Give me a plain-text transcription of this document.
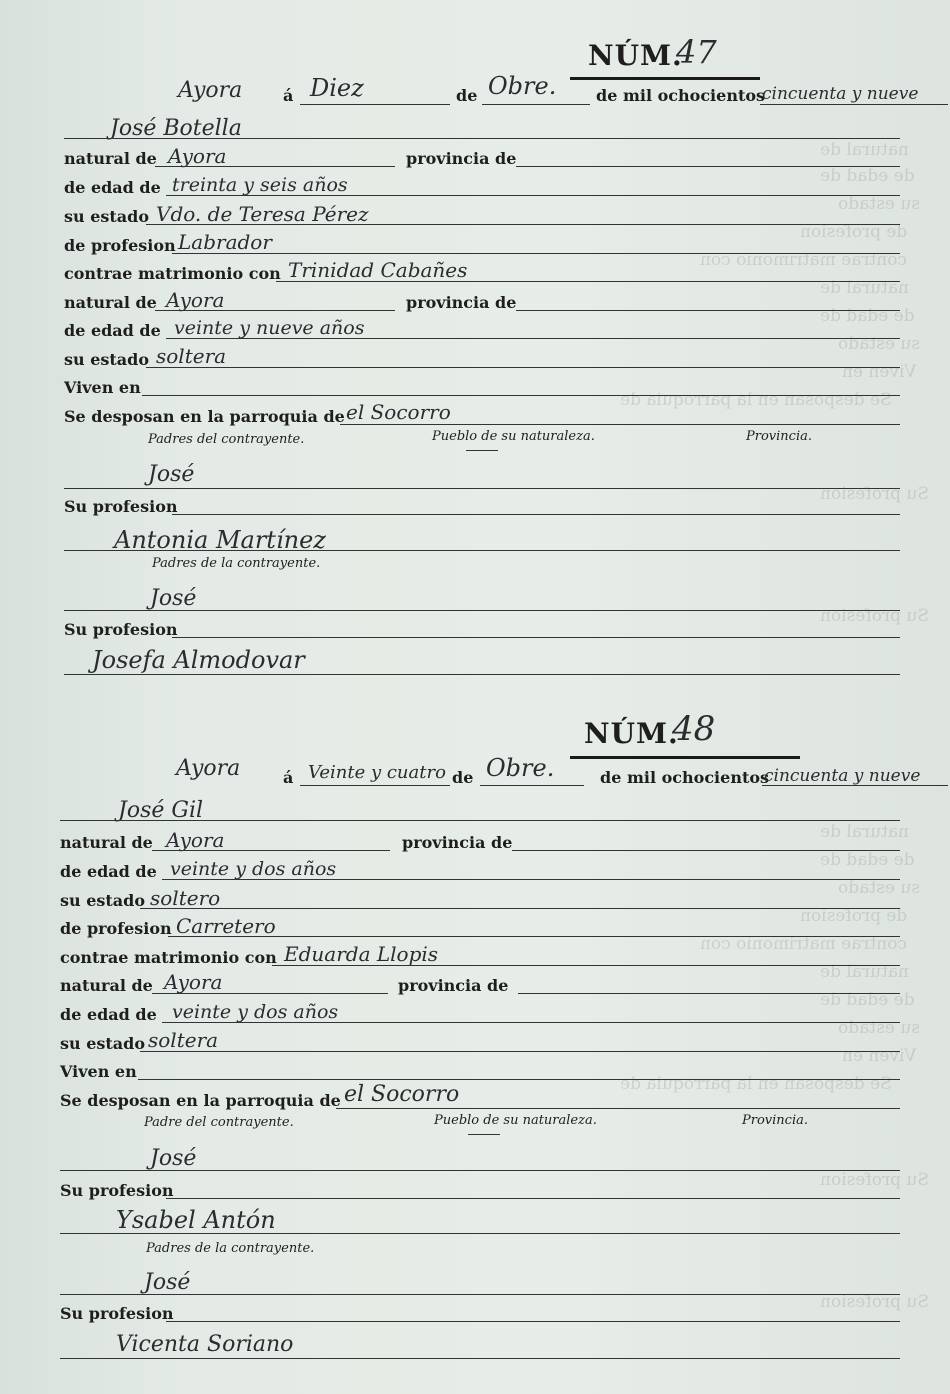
natural de
de edad de
su estado
de profesion
contrae matrimonio con
natural de
de edad de
su estado
Viven en
Se desposan en la parroquia de
Su profesion
Su profesion
natural de
de edad de
su estado
de profesion
contrae matrimonio con
natural de
de edad de
su estado
Viven en
Se desposan en la parroquia de
Su profesion
Su profesion
NÚM.
47
Ayora	á Diez	de Obre. de mil ochocientos
cincuenta y nueve
José Botella
natural de Ayora	provincia de
de edad de treinta y seis años
su estado Vdo. de Teresa Pérez
de profesion Labrador
contrae matrimonio con Trinidad Cabañes
natural de Ayora	provincia de
de edad de veinte y nueve años
su estado soltera
Viven en
Se desposan en la parroquia de el Socorro
Padres del contrayente.	Pueblo de su naturaleza.	Provincia.
José
Su profesion
Antonia Martínez
Padres de la contrayente.
José
Su profesion
Josefa Almodovar
NÚM.
48
Ayora	á Veinte y cuatro de Obre.	de mil ochocientos
cincuenta y nueve
José Gil
natural de Ayora	provincia de
de edad de veinte y dos años
su estado soltero
de profesion Carretero
contrae matrimonio con Eduarda Llopis
natural de Ayora	provincia de
de edad de veinte y dos años
su estado soltera
Viven en
Se desposan en la parroquia de el Socorro
Padre del contrayente.	Pueblo de su naturaleza.	Provincia.
José
Su profesion
Ysabel Antón
Padres de la contrayente.
José
Su profesion
Vicenta Soriano
